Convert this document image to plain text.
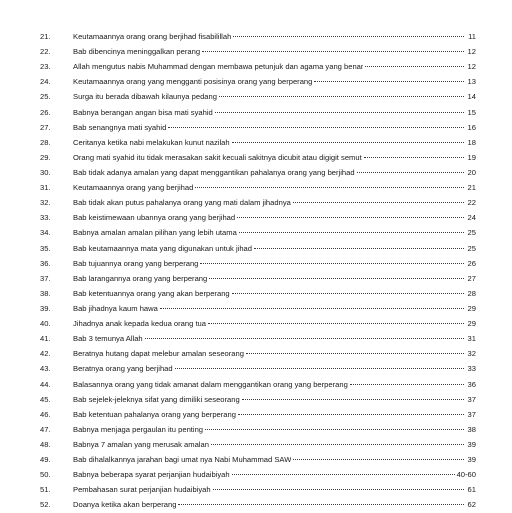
21.	Keutamaannya orang orang berjihad fisabilillah	11
22.	Bab dibencinya meninggalkan perang	12
23.	Allah mengutus nabis Muhammad dengan membawa petunjuk dan agama yang benar	12
24.	Keutamaannya orang yang mengganti posisinya orang yang berperang	13
25.	Surga itu berada dibawah kilaunya pedang	14
26.	Babnya berangan angan bisa mati syahid	15
27.	Bab senangnya mati syahid	16
28.	Ceritanya ketika nabi melakukan kunut nazilah	18
29.	Orang mati syahid itu tidak merasakan sakit kecuali sakitnya dicubit atau digigit semut	19
30.	Bab tidak adanya amalan yang dapat menggantikan pahalanya orang yang berjihad	20
31.	Keutamaannya orang yang berjihad	21
32.	Bab tidak akan putus pahalanya orang yang mati dalam jihadnya	22
33.	Bab keistimewaan ubannya orang yang berjihad	24
34.	Babnya amalan amalan pilihan yang lebih utama	25
35.	Bab keutamaannya mata yang digunakan untuk jihad	25
36.	Bab tujuannya orang yang berperang	26
37.	Bab larangannya orang yang berperang	27
38.	Bab ketentuannya orang yang akan berperang	28
39.	Bab jihadnya kaum hawa	29
40.	Jihadnya anak kepada kedua orang tua	29
41.	Bab 3 temunya Allah	31
42.	Beratnya hutang dapat melebur amalan seseorang	32
43.	Beratnya orang yang berjihad	33
44.	Balasannya orang yang tidak amanat dalam menggantikan orang yang berperang	36
45.	Bab sejelek-jeleknya sifat yang dimiliki seseorang	37
46.	Bab ketentuan pahalanya orang yang berperang	37
47.	Babnya menjaga pergaulan itu penting	38
48.	Babnya 7 amalan yang merusak amalan	39
49.	Bab dihalalkannya jarahan bagi umat nya Nabi Muhammad SAW	39
50.	Babnya beberapa syarat perjanjian hudaibiyah	40-60
51.	Pembahasan surat perjanjian hudaibiyah	61
52.	Doanya ketika akan berperang	62
